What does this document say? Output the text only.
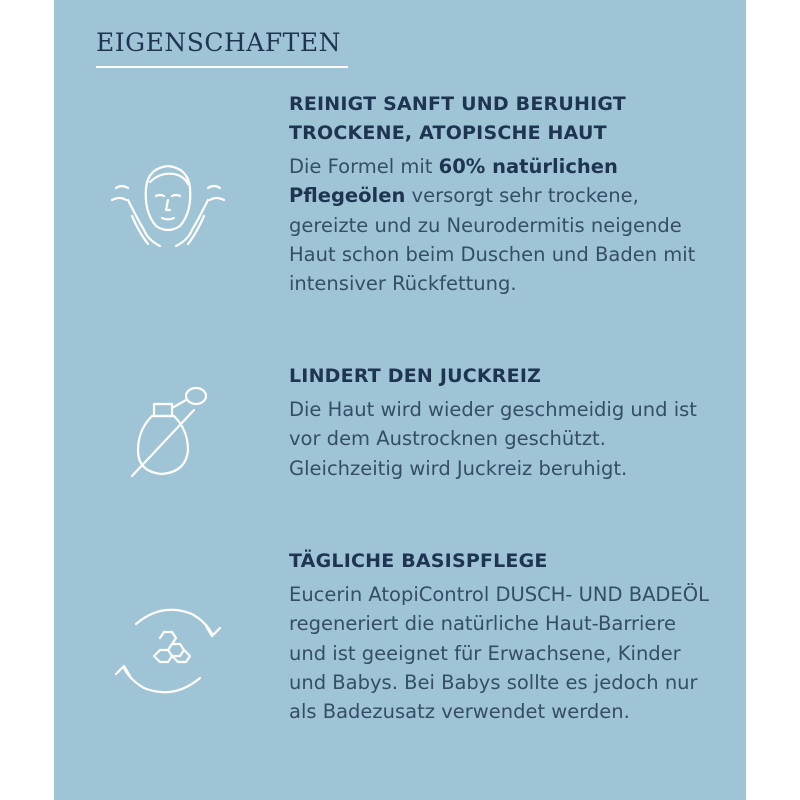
EIGENSCHAFTEN
REINIGT SANFT UND BERUHIGT
TROCKENE, ATOPISCHE HAUT

Die Formel mit 60% natürlichen Pflegeölen versorgt sehr trockene, gereizte und zu Neurodermitis neigende Haut schon beim Duschen und Baden mit intensiver Rückfettung.

LINDERT DEN JUCKREIZ

Die Haut wird wieder geschmeidig und ist vor dem Austrocknen geschützt. Gleichzeitig wird Juckreiz beruhigt.

TÄGLICHE BASISPFLEGE

Eucerin AtopiControl DUSCH- UND BADEÖL regeneriert die natürliche Haut-Barriere und ist geeignet für Erwachsene, Kinder und Babys. Bei Babys sollte es jedoch nur als Badezusatz verwendet werden.
